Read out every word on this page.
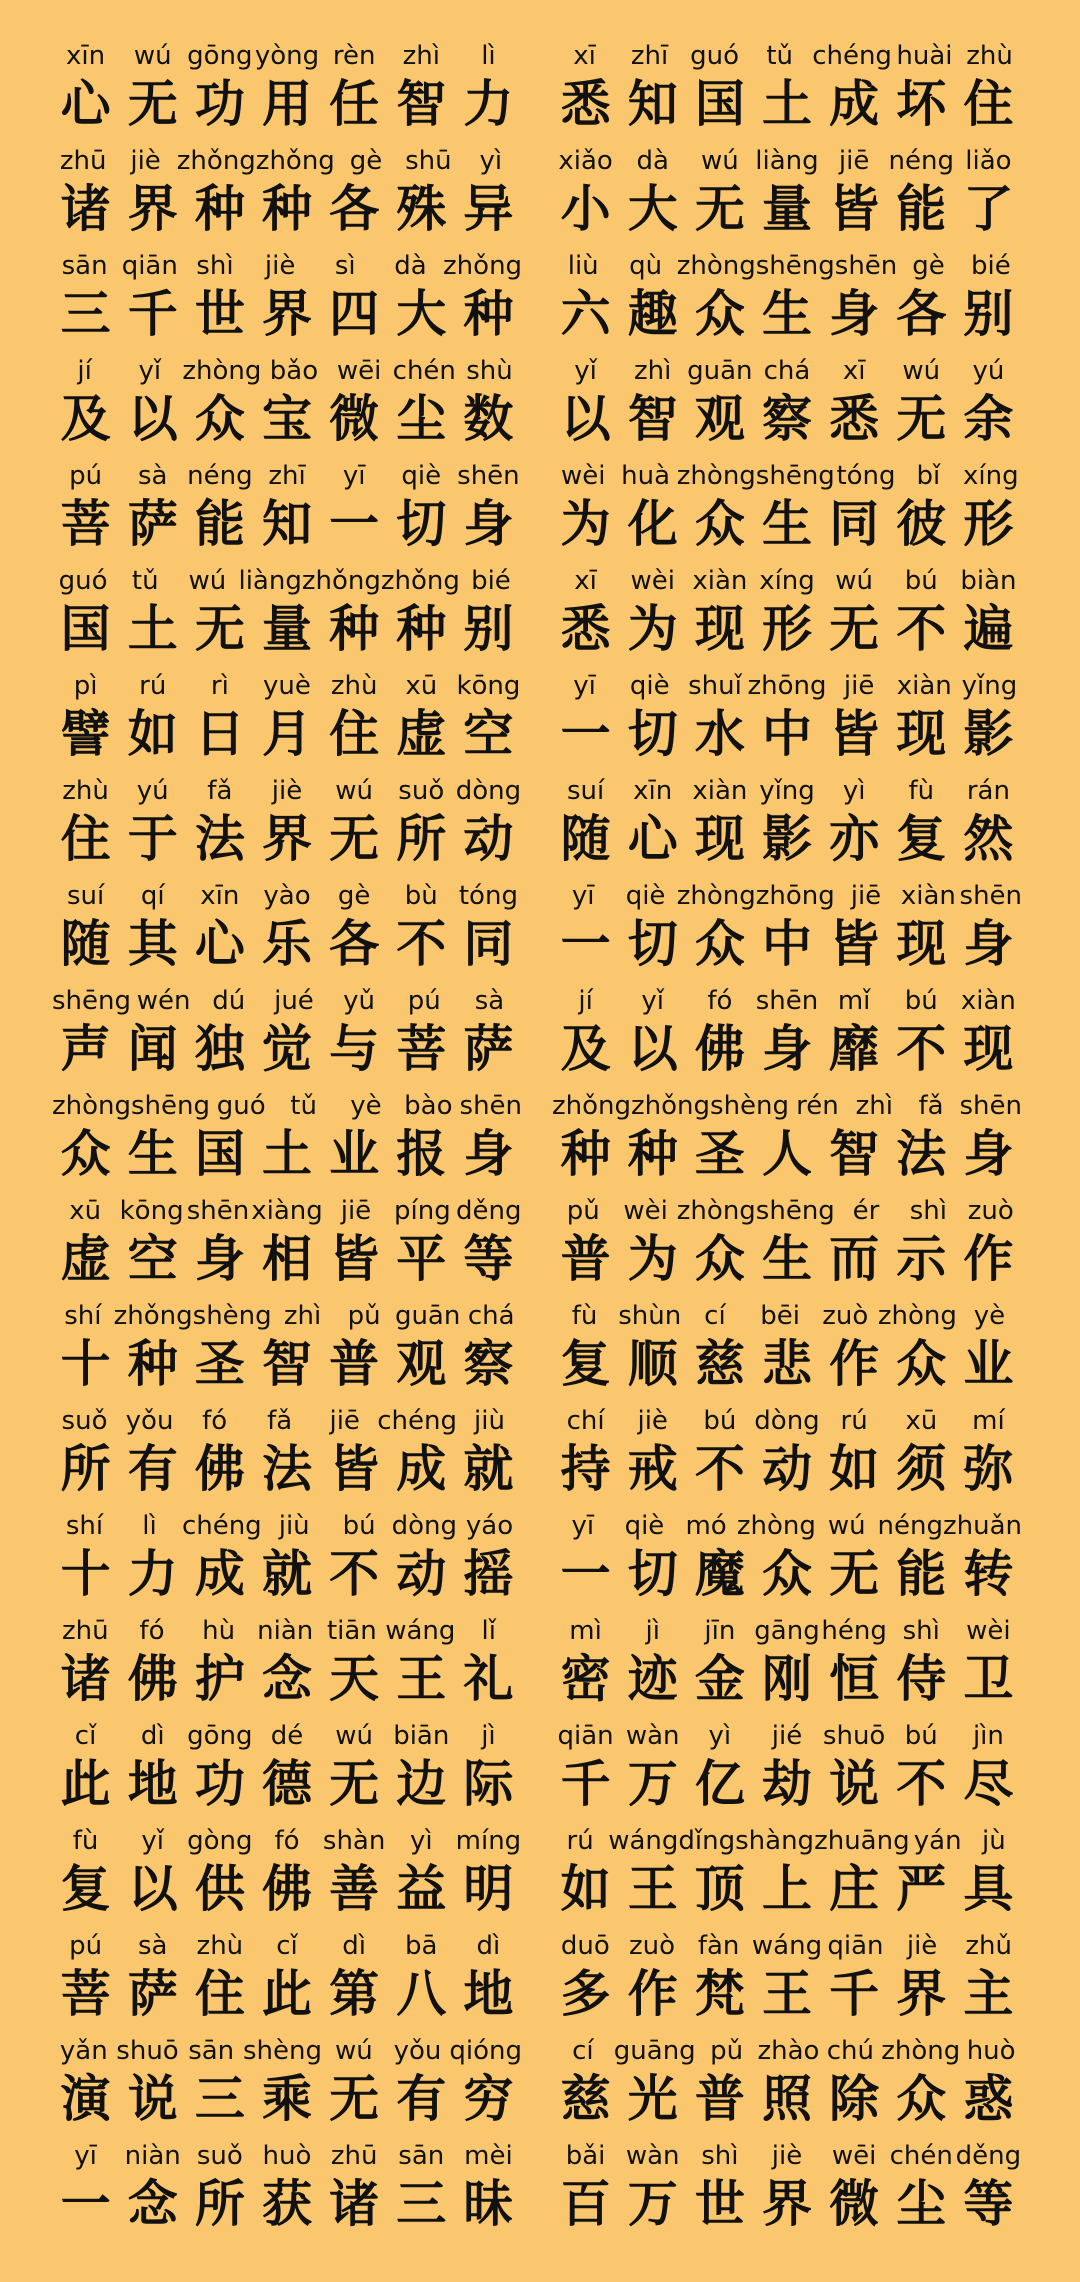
xīn	wú gōng yòng rèn	zhì	lì
心 无 功 用 任 智 力
zhū jiè zhǒng zhǒng gè shū	yì
诸 界 种 种 各 殊 异
sān qiān shì	jiè	sì	dà zhǒng
三 千 世 界 四 大 种
jí	yǐ zhòng bǎo wēi chén shù
及 以 众 宝 微 尘 数
pú	sà néng zhī	yī	qiè shēn
菩 萨 能 知 一 切 身
guó tǔ	wú liàng zhǒng zhǒng bié
国 土 无 量 种 种 别
pì	rú	rì	yuè zhù	xū kōng
譬 如 日 月 住 虚 空
zhù	yú	fǎ	jiè	wú suǒ dòng
住 于 法 界 无 所 动
suí	qí	xīn yào	gè	bù tóng
随 其 心 乐 各 不 同
shēng wén dú	jué	yǔ	pú	sà
声 闻 独 觉 与 菩 萨
zhòng shēng guó tǔ	yè bào shēn
众 生 国 土 业 报 身
xū kōng shēn xiàng jiē píng děng
虚 空 身 相 皆 平 等
shí zhǒng shèng zhì	pǔ guān chá
十 种 圣 智 普 观 察
suǒ yǒu	fó	fǎ	jiē chéng jiù
所 有 佛 法 皆 成 就
shí	lì chéng jiù	bú dòng yáo
十 力 成 就 不 动 摇
zhū	fó	hù niàn tiān wáng	lǐ
诸 佛 护 念 天 王 礼
cǐ	dì gōng dé	wú biān	jì
此 地 功 德 无 边 际
fù	yǐ gòng fó shàn yì míng
复 以 供 佛 善 益 明
pú	sà	zhù	cǐ	dì	bā	dì
菩 萨 住 此 第 八 地
yǎn shuō sān shèng wú yǒu qióng
演 说 三 乘 无 有 穷
yī	niàn suǒ huò zhū sān mèi
一 念 所 获 诸 三 昧
xī	zhī guó	tǔ chéng huài zhù
悉 知 国 土 成 坏 住
xiǎo dà	wú liàng jiē néng liǎo
小 大 无 量 皆 能 了
liù	qù zhòng shēng shēn gè	bié
六 趣 众 生 身 各 别
yǐ	zhì guān chá	xī	wú	yú
以 智 观 察 悉 无 余
wèi huà zhòng shēng tóng bǐ xíng
为 化 众 生 同 彼 形
xī	wèi xiàn xíng wú	bú biàn
悉 为 现 形 无 不 遍
yī	qiè shuǐ zhōng jiē xiàn yǐng
一 切 水 中 皆 现 影
suí	xīn xiàn yǐng	yì	fù	rán
随 心 现 影 亦 复 然
yī	qiè zhòng zhōng jiē xiàn shēn
一 切 众 中 皆 现 身
jí	yǐ	fó shēn mǐ	bú xiàn
及 以 佛 身 靡 不 现
zhǒng zhǒng shèng rén zhì fǎ shēn
种 种 圣 人 智 法 身
pǔ wèi zhòng shēng ér	shì zuò
普 为 众 生 而 示 作
fù shùn cí	bēi zuò zhòng yè
复 顺 慈 悲 作 众 业
chí	jiè	bú dòng rú	xū	mí
持 戒 不 动 如 须 弥
yī	qiè mó zhòng wú néng zhuǎn
一 切 魔 众 无 能 转
mì	jì	jīn gāng héng shì	wèi
密 迹 金 刚 恒 侍 卫
qiān wàn	yì	jié shuō bú	jìn
千 万 亿 劫 说 不 尽
rú wáng dǐng shàng zhuāng yán jù
如 王 顶 上 庄 严 具
duō zuò fàn wáng qiān jiè	zhǔ
多 作 梵 王 千 界 主
cí guāng pǔ zhào chú zhòng huò
慈 光 普 照 除 众 惑
bǎi wàn shì	jiè	wēi chén děng
百 万 世 界 微 尘 等
